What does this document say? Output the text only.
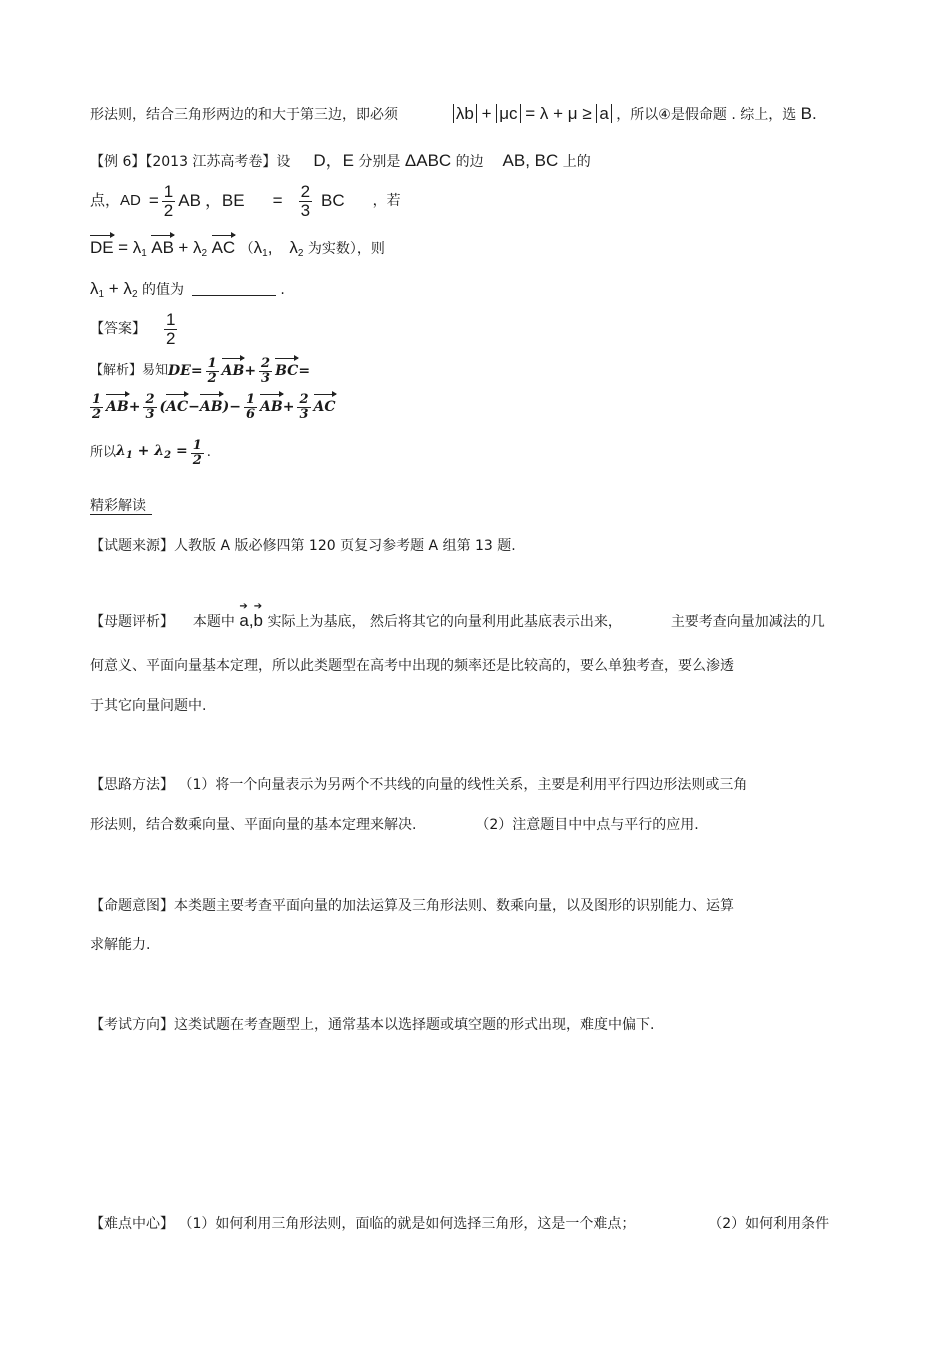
形法则，结合三角形两边的和大于第三边，即必须	λb + μc = λ + μ ≥ a ，所以④是假命题 . 综上，选 B.
【例 6】【2013 江苏高考卷】设 D，E 分别是 ΔABC 的边 AB, BC 上的
点，AD = $\frac{1}{2}$ AB ，BE = $\frac{2}{3}$ BC ，若
DE = $\lambda_1$ AB + $\lambda_2$ AC （$\lambda_1$, $\lambda_2$ 为实数），则
$\lambda_1 + \lambda_2$ 的值为	.
【答案】 $\frac{1}{2}$
【解析】易知 DE = $\frac{1}{2}$ AB + $\frac{2}{3}$ BC =
$\frac{1}{2}$ AB + $\frac{2}{3}$ ( AC − AB ) − $\frac{1}{6}$ AB + $\frac{2}{3}$ AC
所以 $\lambda_1 + \lambda_2 = \frac{1}{2}$ .
精彩解读
【试题来源】人教版 A 版必修四第 120 页复习参考题 A 组第 13 题.
【母题评析】 本题中
➔➔
a,b 实际上为基底， 然后将其它的向量利用此基底表示出来，	主要考查向量加减法的几
何意义、平面向量基本定理，所以此类题型在高考中出现的频率还是比较高的，要么单独考查，要么渗透
于其它向量问题中.
【思路方法】 （1）将一个向量表示为另两个不共线的向量的线性关系，主要是利用平行四边形法则或三角
形法则，结合数乘向量、平面向量的基本定理来解决.	（2）注意题目中中点与平行的应用.
【命题意图】本类题主要考查平面向量的加法运算及三角形法则、数乘向量，以及图形的识别能力、运算
求解能力.
【考试方向】这类试题在考查题型上，通常基本以选择题或填空题的形式出现，难度中偏下.
【难点中心】 （1）如何利用三角形法则，面临的就是如何选择三角形，这是一个难点；	（2）如何利用条件
